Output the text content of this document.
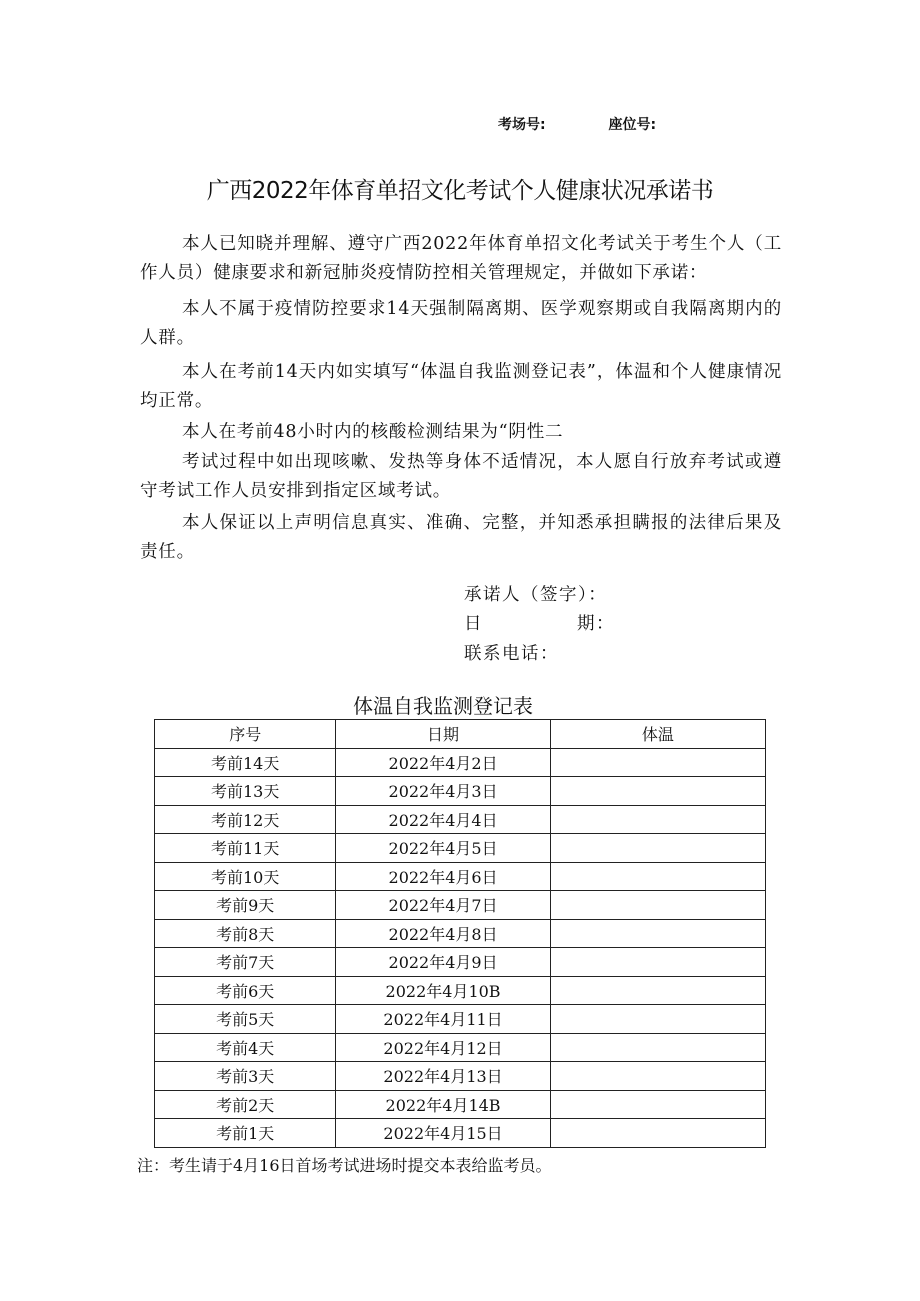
考场号:	座位号:
广西2022年体育单招文化考试个人健康状况承诺书

本人已知晓并理解、遵守广西2022年体育单招文化考试关于考生个人（工作人员）健康要求和新冠肺炎疫情防控相关管理规定，并做如下承诺：

本人不属于疫情防控要求14天强制隔离期、医学观察期或自我隔离期内的人群。

本人在考前14天内如实填写“体温自我监测登记表”，体温和个人健康情况均正常。

本人在考前48小时内的核酸检测结果为“阴性二

考试过程中如出现咳嗽、发热等身体不适情况，本人愿自行放弃考试或遵守考试工作人员安排到指定区域考试。

本人保证以上声明信息真实、准确、完整，并知悉承担瞒报的法律后果及责任。

承诺人（签字）：
日	期：
联系电话：
体温自我监测登记表
序号	日期	体温
考前14天	2022年4月2日	
考前13天	2022年4月3日	
考前12天	2022年4月4日	
考前11天	2022年4月5日	
考前10天	2022年4月6日	
考前9天	2022年4月7日	
考前8天	2022年4月8日	
考前7天	2022年4月9日	
考前6天	2022年4月10B	
考前5天	2022年4月11日	
考前4天	2022年4月12日	
考前3天	2022年4月13日	
考前2天	2022年4月14B	
考前1天	2022年4月15日	
注：考生请于4月16日首场考试进场时提交本表给监考员。
